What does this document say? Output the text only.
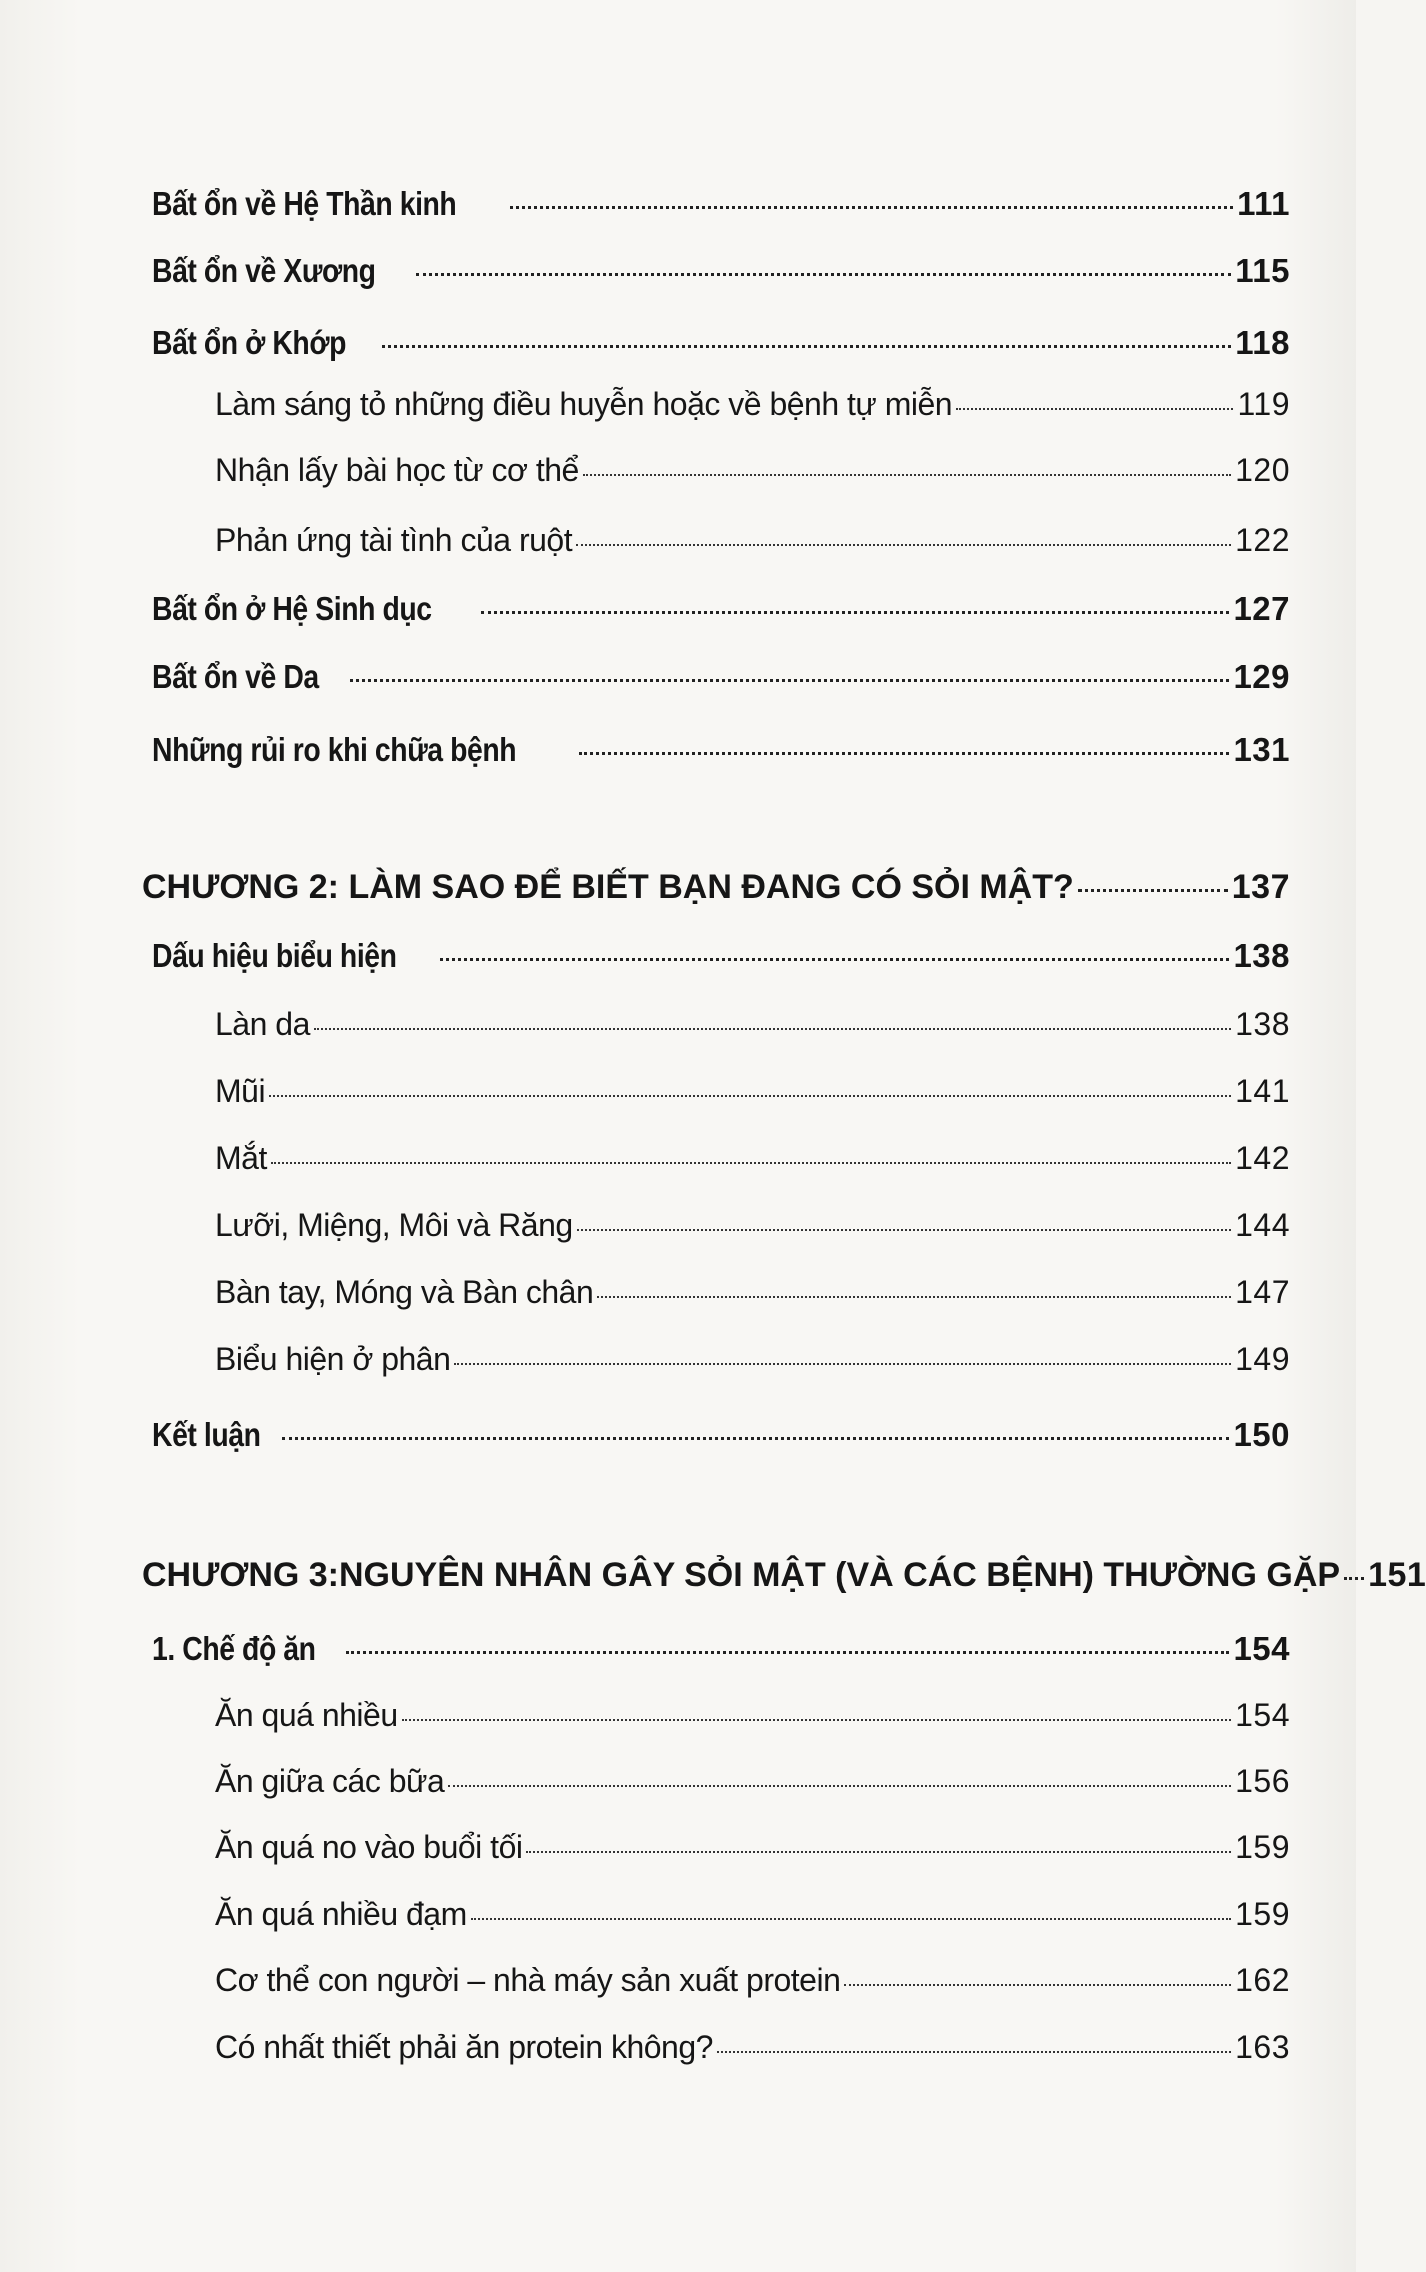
Bất ổn về Hệ Thần kinh	111
Bất ổn về Xương	115
Bất ổn ở Khớp	118
Làm sáng tỏ những điều huyễn hoặc về bệnh tự miễn	119
Nhận lấy bài học từ cơ thể	120
Phản ứng tài tình của ruột	122
Bất ổn ở Hệ Sinh dục	127
Bất ổn về Da	129
Những rủi ro khi chữa bệnh	131
CHƯƠNG 2: LÀM SAO ĐỂ BIẾT BẠN ĐANG CÓ SỎI MẬT?	137
Dấu hiệu biểu hiện	138
Làn da	138
Mũi	141
Mắt	142
Lưỡi, Miệng, Môi và Răng	144
Bàn tay, Móng và Bàn chân	147
Biểu hiện ở phân	149
Kết luận	150
CHƯƠNG 3:NGUYÊN NHÂN GÂY SỎI MẬT (VÀ CÁC BỆNH) THƯỜNG GẶP 151
1. Chế độ ăn	154
Ăn quá nhiều	154
Ăn giữa các bữa	156
Ăn quá no vào buổi tối	159
Ăn quá nhiều đạm	159
Cơ thể con người – nhà máy sản xuất protein	162
Có nhất thiết phải ăn protein không?	163
